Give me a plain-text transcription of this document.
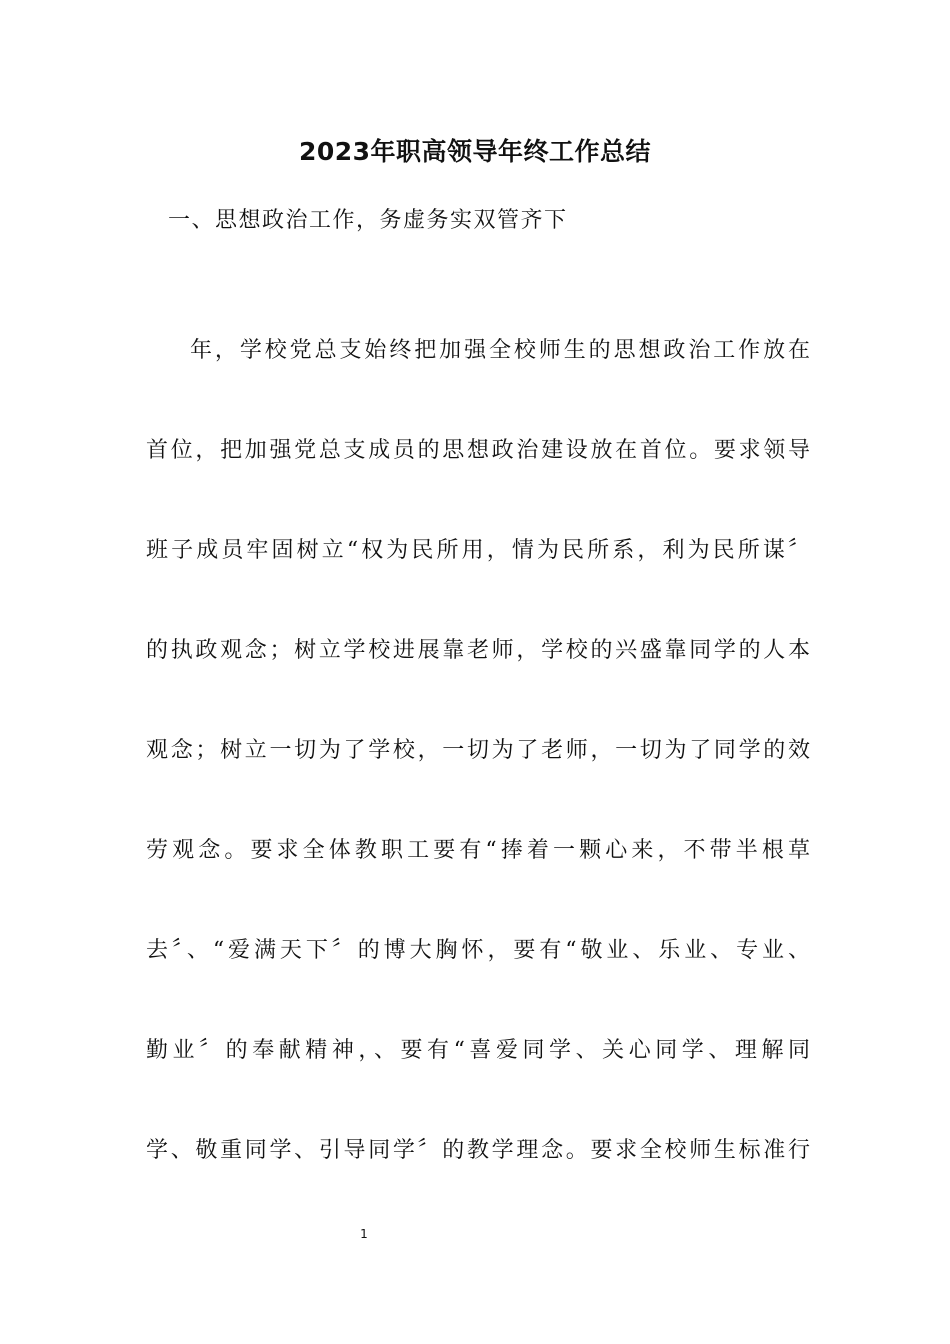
2023年职高领导年终工作总结
一、思想政治工作，务虚务实双管齐下
年，学校党总支始终把加强全校师生的思想政治工作放在
首位，把加强党总支成员的思想政治建设放在首位。要求领导
班子成员牢固树立“权为民所用，情为民所系，利为民所谋〞
的执政观念；树立学校进展靠老师，学校的兴盛靠同学的人本
观念；树立一切为了学校，一切为了老师，一切为了同学的效
劳观念。要求全体教职工要有“捧着一颗心来，不带半根草
去〞、“爱满天下〞的博大胸怀，要有“敬业、乐业、专业、
勤业〞的奉献精神，、要有“喜爱同学、关心同学、理解同
学、敬重同学、引导同学〞的教学理念。要求全校师生标准行
1
